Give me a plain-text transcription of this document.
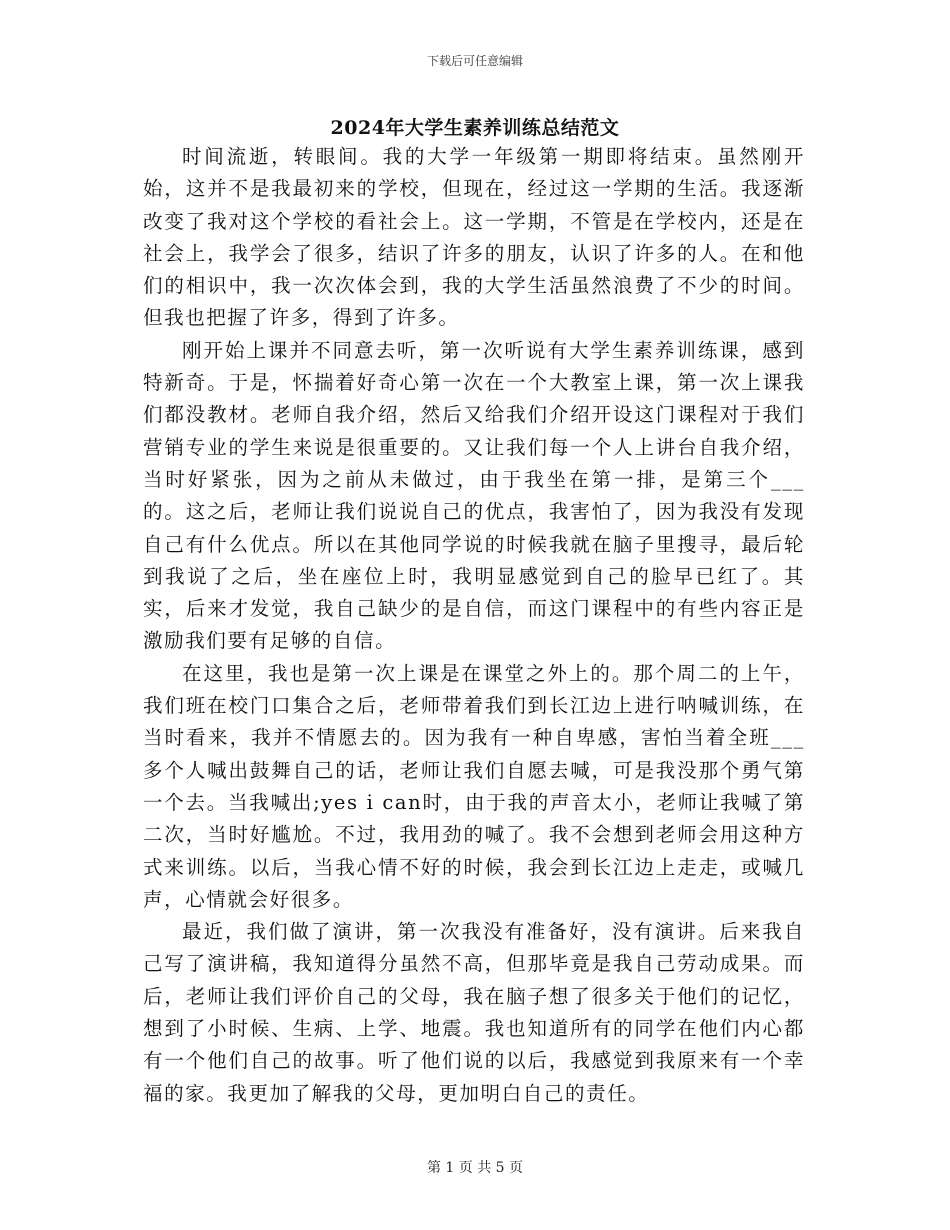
下载后可任意编辑
2024年大学生素养训练总结范文

时间流逝，转眼间。我的大学一年级第一期即将结束。虽然刚开始，这并不是我最初来的学校，但现在，经过这一学期的生活。我逐渐改变了我对这个学校的看社会上。这一学期，不管是在学校内，还是在社会上，我学会了很多，结识了许多的朋友，认识了许多的人。在和他们的相识中，我一次次体会到，我的大学生活虽然浪费了不少的时间。但我也把握了许多，得到了许多。

刚开始上课并不同意去听，第一次听说有大学生素养训练课，感到特新奇。于是，怀揣着好奇心第一次在一个大教室上课，第一次上课我们都没教材。老师自我介绍，然后又给我们介绍开设这门课程对于我们营销专业的学生来说是很重要的。又让我们每一个人上讲台自我介绍，当时好紧张，因为之前从未做过，由于我坐在第一排，是第三个___的。这之后，老师让我们说说自己的优点，我害怕了，因为我没有发现自己有什么优点。所以在其他同学说的时候我就在脑子里搜寻，最后轮到我说了之后，坐在座位上时，我明显感觉到自己的脸早已红了。其实，后来才发觉，我自己缺少的是自信，而这门课程中的有些内容正是激励我们要有足够的自信。

在这里，我也是第一次上课是在课堂之外上的。那个周二的上午，我们班在校门口集合之后，老师带着我们到长江边上进行呐喊训练，在当时看来，我并不情愿去的。因为我有一种自卑感，害怕当着全班___多个人喊出鼓舞自己的话，老师让我们自愿去喊，可是我没那个勇气第一个去。当我喊出;yes i can时，由于我的声音太小，老师让我喊了第二次，当时好尴尬。不过，我用劲的喊了。我不会想到老师会用这种方式来训练。以后，当我心情不好的时候，我会到长江边上走走，或喊几声，心情就会好很多。

最近，我们做了演讲，第一次我没有准备好，没有演讲。后来我自己写了演讲稿，我知道得分虽然不高，但那毕竟是我自己劳动成果。而后，老师让我们评价自己的父母，我在脑子想了很多关于他们的记忆，想到了小时候、生病、上学、地震。我也知道所有的同学在他们内心都有一个他们自己的故事。听了他们说的以后，我感觉到我原来有一个幸福的家。我更加了解我的父母，更加明白自己的责任。

第 1 页 共 5 页
